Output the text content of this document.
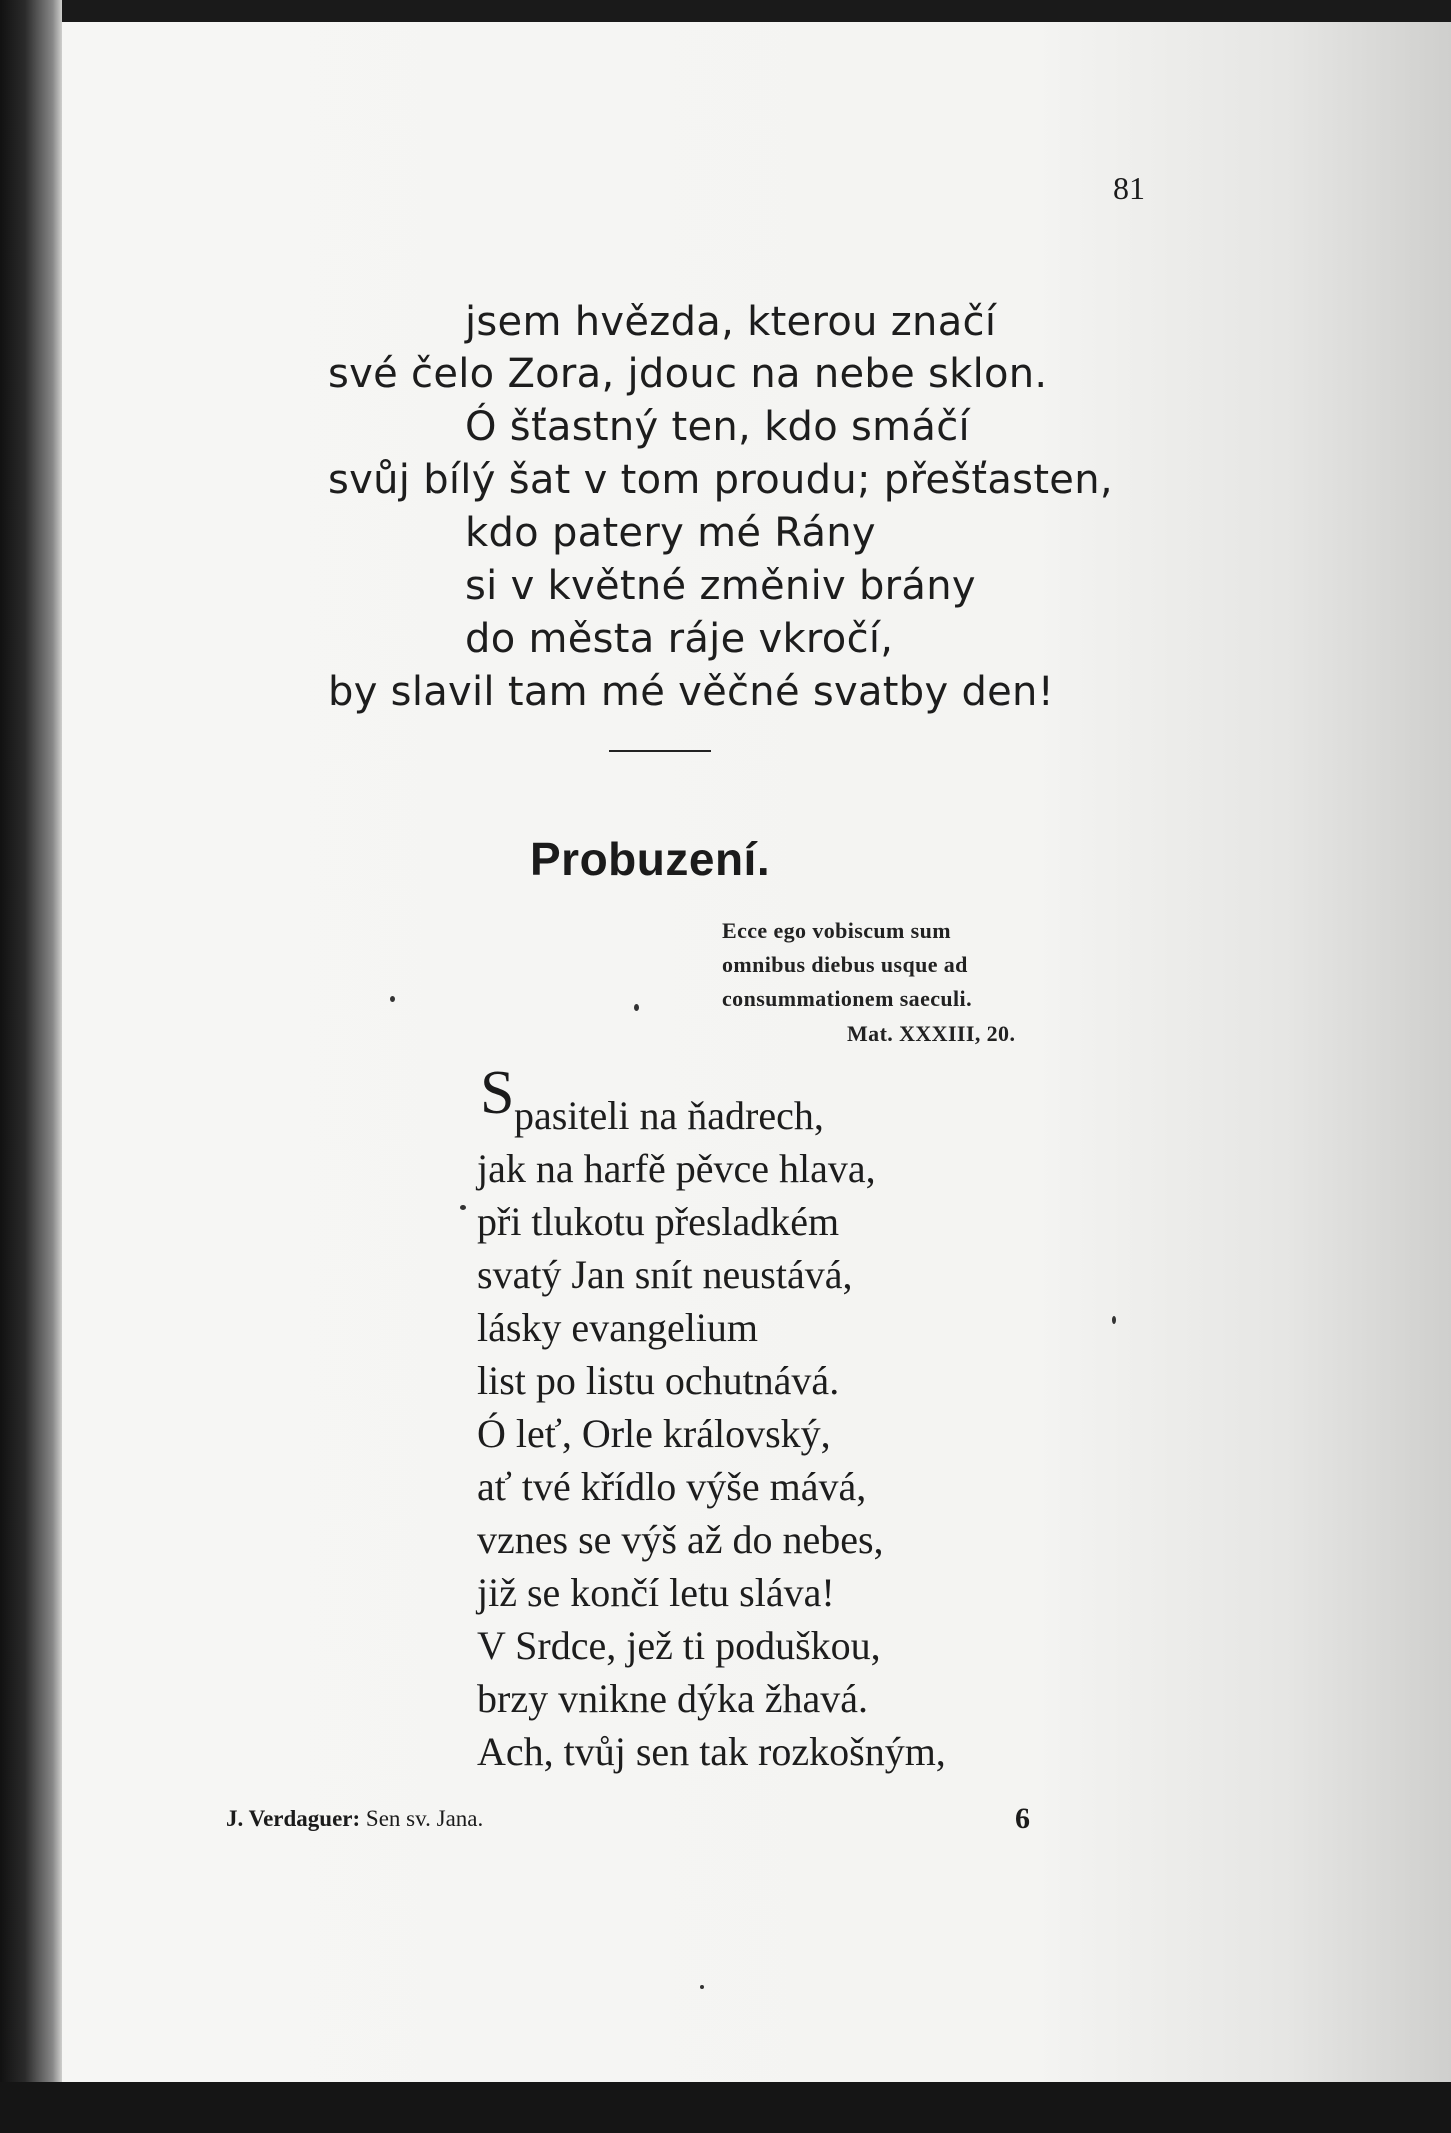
81

jsem hvězda, kterou značí
své čelo Zora, jdouc na nebe sklon.
Ó šťastný ten, kdo smáčí
svůj bílý šat v tom proudu; přešťasten,
kdo patery mé Rány
si v květné změniv brány
do města ráje vkročí,
by slavil tam mé věčné svatby den!
Probuzení.
Ecce ego vobiscum sum
omnibus diebus usque ad
consummationem saeculi.
Mat. XXXIII, 20.
S pasiteli na ňadrech,
jak na harfě pěvce hlava,
při tlukotu přesladkém
svatý Jan snít neustává,
lásky evangelium
list po listu ochutnává.
Ó leť, Orle královský,
ať tvé křídlo výše mává,
vznes se výš až do nebes,
již se končí letu sláva!
V Srdce, jež ti poduškou,
brzy vnikne dýka žhavá.
Ach, tvůj sen tak rozkošným,

J. Verdaguer: Sen sv. Jana.	6
